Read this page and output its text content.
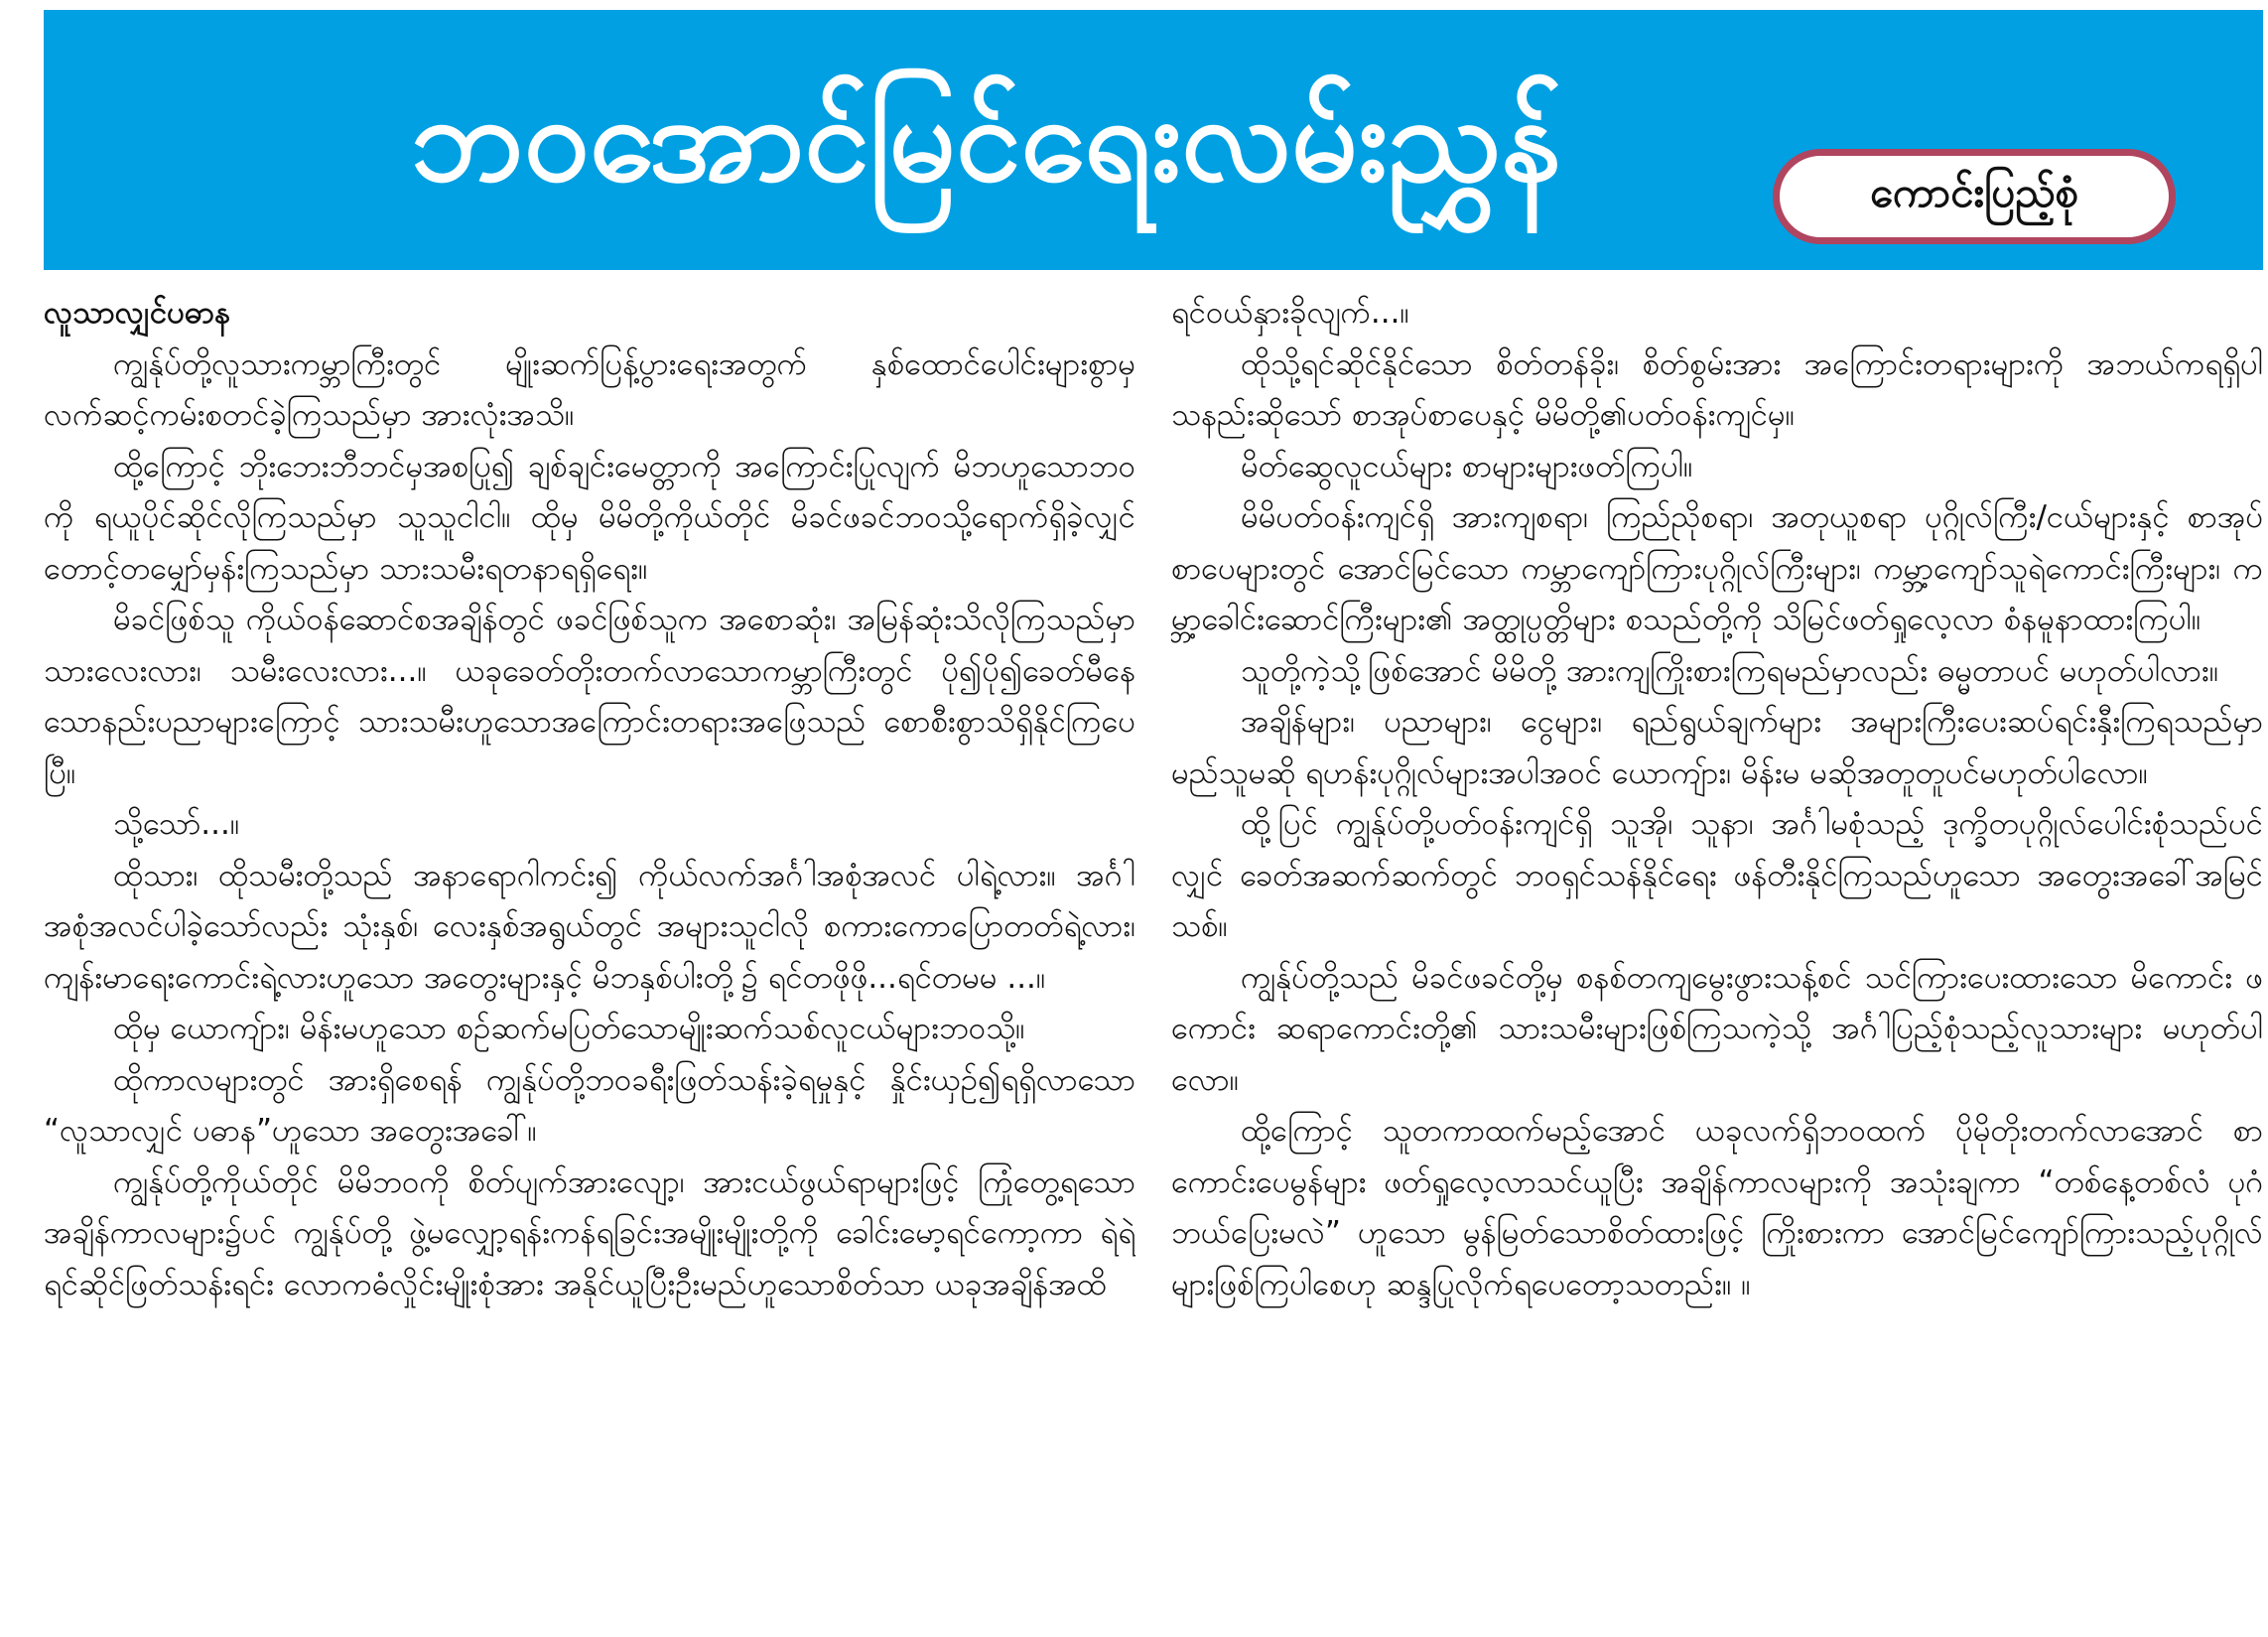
ဘဝအောင်မြင်ရေးလမ်းညွှန်	ကောင်းပြည့်စုံ

လူသာလျှင်ပဓာန

ကျွန်ုပ်တို့လူသားကမ္ဘာကြီးတွင် မျိုးဆက်ပြန့်ပွားရေးအတွက် နှစ်ထောင်ပေါင်းများစွာမှ လက်ဆင့်ကမ်းစတင်ခဲ့ကြသည်မှာ အားလုံးအသိ။

ထို့ကြောင့် ဘိုးဘေးဘီဘင်မှအစပြု၍ ချစ်ချင်းမေတ္တာကို အကြောင်းပြုလျက် မိဘဟူသောဘဝကို ရယူပိုင်ဆိုင်လိုကြသည်မှာ သူသူငါငါ။ ထိုမှ မိမိတို့ကိုယ်တိုင် မိခင်ဖခင်ဘဝသို့ရောက်ရှိခဲ့လျှင် တောင့်တမျှော်မှန်းကြသည်မှာ သားသမီးရတနာရရှိရေး။

မိခင်ဖြစ်သူ ကိုယ်ဝန်ဆောင်စအချိန်တွင် ဖခင်ဖြစ်သူက အစောဆုံး၊ အမြန်ဆုံးသိလိုကြသည်မှာ သားလေးလား၊ သမီးလေးလား...။ ယခုခေတ်တိုးတက်လာသောကမ္ဘာကြီးတွင် ပို၍ပို၍ခေတ်မီနေသောနည်းပညာများကြောင့် သားသမီးဟူသောအကြောင်းတရားအဖြေသည် စောစီးစွာသိရှိနိုင်ကြပေပြီ။

သို့သော်...။

ထိုသား၊ ထိုသမီးတို့သည် အနာရောဂါကင်း၍ ကိုယ်လက်အင်္ဂါအစုံအလင် ပါရဲ့လား။ အင်္ဂါအစုံအလင်ပါခဲ့သော်လည်း သုံးနှစ်၊ လေးနှစ်အရွယ်တွင် အများသူငါလို စကားကောပြောတတ်ရဲ့လား၊ ကျန်းမာရေးကောင်းရဲ့လားဟူသော အတွေးများနှင့် မိဘနှစ်ပါးတို့၌ ရင်တဖိုဖို...ရင်တမမ ...။

ထိုမှ ယောကျ်ား၊ မိန်းမဟူသော စဉ်ဆက်မပြတ်သောမျိုးဆက်သစ်လူငယ်များဘဝသို့။

ထိုကာလများတွင် အားရှိစေရန် ကျွန်ုပ်တို့ဘဝခရီးဖြတ်သန်းခဲ့ရမှုနှင့် နှိုင်းယှဉ်၍ရရှိလာသော “လူသာလျှင် ပဓာန”ဟူသော အတွေးအခေါ်။

ကျွန်ုပ်တို့ကိုယ်တိုင် မိမိဘဝကို စိတ်ပျက်အားလျော့၊ အားငယ်ဖွယ်ရာများဖြင့် ကြုံတွေ့ရသောအချိန်ကာလများ၌ပင် ကျွန်ုပ်တို့ ဖွဲ့မလျှော့ရန်းကန်ရခြင်းအမျိုးမျိုးတို့ကို ခေါင်းမော့ရင်ကော့ကာ ရဲရဲရင်ဆိုင်ဖြတ်သန်းရင်း လောကဓံလှိုင်းမျိုးစုံအား အနိုင်ယူပြီးဦးမည်ဟူသောစိတ်သာ ယခုအချိန်အထိ

ရင်ဝယ်နှားခိုလျက်...။

ထိုသို့ရင်ဆိုင်နိုင်သော စိတ်တန်ခိုး၊ စိတ်စွမ်းအား အကြောင်းတရားများကို အဘယ်ကရရှိပါသနည်းဆိုသော် စာအုပ်စာပေနှင့် မိမိတို့၏ပတ်ဝန်းကျင်မှ။

မိတ်ဆွေလူငယ်များ စာများများဖတ်ကြပါ။

မိမိပတ်ဝန်းကျင်ရှိ အားကျစရာ၊ ကြည်ညိုစရာ၊ အတုယူစရာ ပုဂ္ဂိုလ်ကြီး/ငယ်များနှင့် စာအုပ်စာပေများတွင် အောင်မြင်သော ကမ္ဘာကျော်ကြားပုဂ္ဂိုလ်ကြီးများ၊ ကမ္ဘာ့ကျော်သူရဲကောင်းကြီးများ၊ ကမ္ဘာ့ခေါင်းဆောင်ကြီးများ၏ အတ္ထုပ္ပတ္တိများ စသည်တို့ကို သိမြင်ဖတ်ရှုလေ့လာ စံနမူနာထားကြပါ။

သူတို့ကဲ့သို့ဖြစ်အောင် မိမိတို့ အားကျကြိုးစားကြရမည်မှာလည်း ဓမ္မတာပင် မဟုတ်ပါလား။

အချိန်များ၊ ပညာများ၊ ငွေများ၊ ရည်ရွယ်ချက်များ အများကြီးပေးဆပ်ရင်းနှီးကြရသည်မှာ မည်သူမဆို ရဟန်းပုဂ္ဂိုလ်များအပါအဝင် ယောကျ်ား၊ မိန်းမ မဆိုအတူတူပင်မဟုတ်ပါလော။

ထို့ပြင် ကျွန်ုပ်တို့ပတ်ဝန်းကျင်ရှိ သူအို၊ သူနာ၊ အင်္ဂါမစုံသည့် ဒုက္ခိတပုဂ္ဂိုလ်ပေါင်းစုံသည်ပင်လျှင် ခေတ်အဆက်ဆက်တွင် ဘဝရှင်သန်နိုင်ရေး ဖန်တီးနိုင်ကြသည်ဟူသော အတွေးအခေါ်အမြင်သစ်။

ကျွန်ုပ်တို့သည် မိခင်ဖခင်တို့မှ စနစ်တကျမွေးဖွားသန့်စင် သင်ကြားပေးထားသော မိကောင်း ဖကောင်း ဆရာကောင်းတို့၏ သားသမီးများဖြစ်ကြသကဲ့သို့ အင်္ဂါပြည့်စုံသည့်လူသားများ မဟုတ်ပါလော။

ထို့ကြောင့် သူတကာထက်မည့်အောင် ယခုလက်ရှိဘဝထက် ပိုမိုတိုးတက်လာအောင် စာကောင်းပေမွန်များ ဖတ်ရှုလေ့လာသင်ယူပြီး အချိန်ကာလများကို အသုံးချကာ “တစ်နေ့တစ်လံ ပုဂံဘယ်ပြေးမလဲ” ဟူသော မွန်မြတ်သောစိတ်ထားဖြင့် ကြိုးစားကာ အောင်မြင်ကျော်ကြားသည့်ပုဂ္ဂိုလ်များဖြစ်ကြပါစေဟု ဆန္ဒပြုလိုက်ရပေတော့သတည်း။ ။
